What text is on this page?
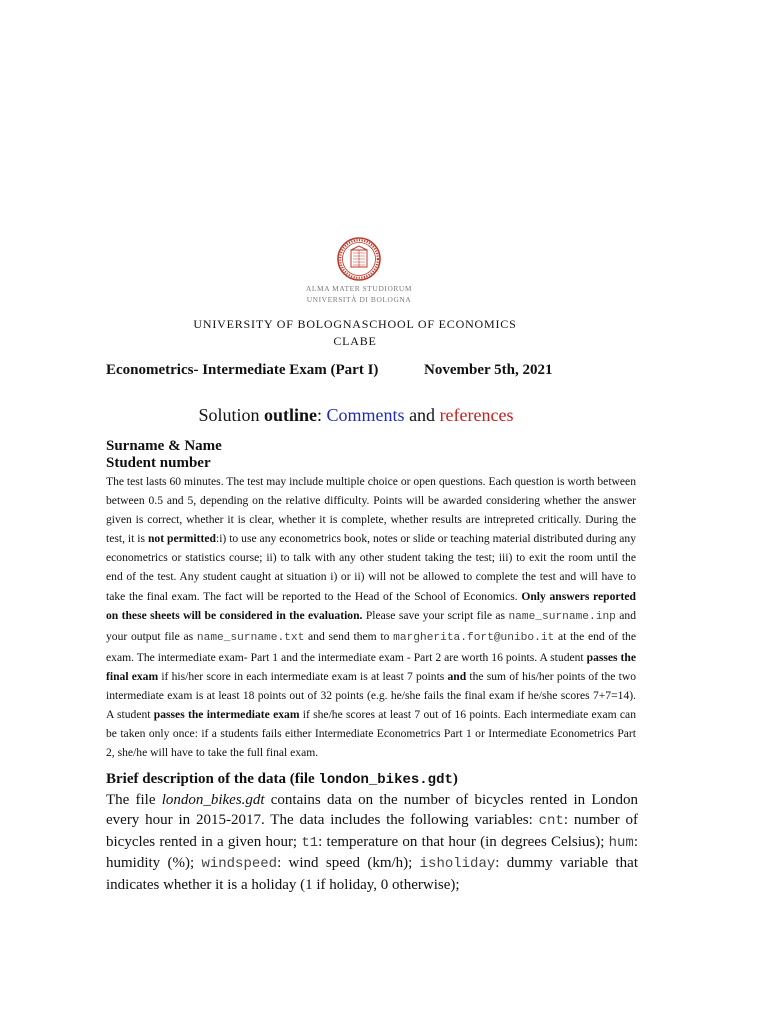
ALMA MATER STUDIORUM
UNIVERSITÀ DI BOLOGNA
UNIVERSITY OF BOLOGNASCHOOL OF ECONOMICS
CLABE
Econometrics- Intermediate Exam (Part I)	November 5th, 2021
Solution outline: Comments and references
Surname & Name
Student number
The test lasts 60 minutes. The test may include multiple choice or open questions. Each question is worth between between 0.5 and 5, depending on the relative difficulty. Points will be awarded considering whether the answer given is correct, whether it is clear, whether it is complete, whether results are intrepreted critically. During the test, it is not permitted:i) to use any econometrics book, notes or slide or teaching material distributed during any econometrics or statistics course; ii) to talk with any other student taking the test; iii) to exit the room until the end of the test. Any student caught at situation i) or ii) will not be allowed to complete the test and will have to take the final exam. The fact will be reported to the Head of the School of Economics. Only answers reported on these sheets will be considered in the evaluation. Please save your script file as name_surname.inp and your output file as name_surname.txt and send them to margherita.fort@unibo.it at the end of the exam. The intermediate exam- Part 1 and the intermediate exam - Part 2 are worth 16 points. A student passes the final exam if his/her score in each intermediate exam is at least 7 points and the sum of his/her points of the two intermediate exam is at least 18 points out of 32 points (e.g. he/she fails the final exam if he/she scores 7+7=14). A student passes the intermediate exam if she/he scores at least 7 out of 16 points. Each intermediate exam can be taken only once: if a students fails either Intermediate Econometrics Part 1 or Intermediate Econometrics Part 2, she/he will have to take the full final exam.
Brief description of the data (file london_bikes.gdt)
The file london_bikes.gdt contains data on the number of bicycles rented in London every hour in 2015-2017. The data includes the following variables: cnt: number of bicycles rented in a given hour; t1: temperature on that hour (in degrees Celsius); hum: humidity (%); windspeed: wind speed (km/h); isholiday: dummy variable that indicates whether it is a holiday (1 if holiday, 0 otherwise);
